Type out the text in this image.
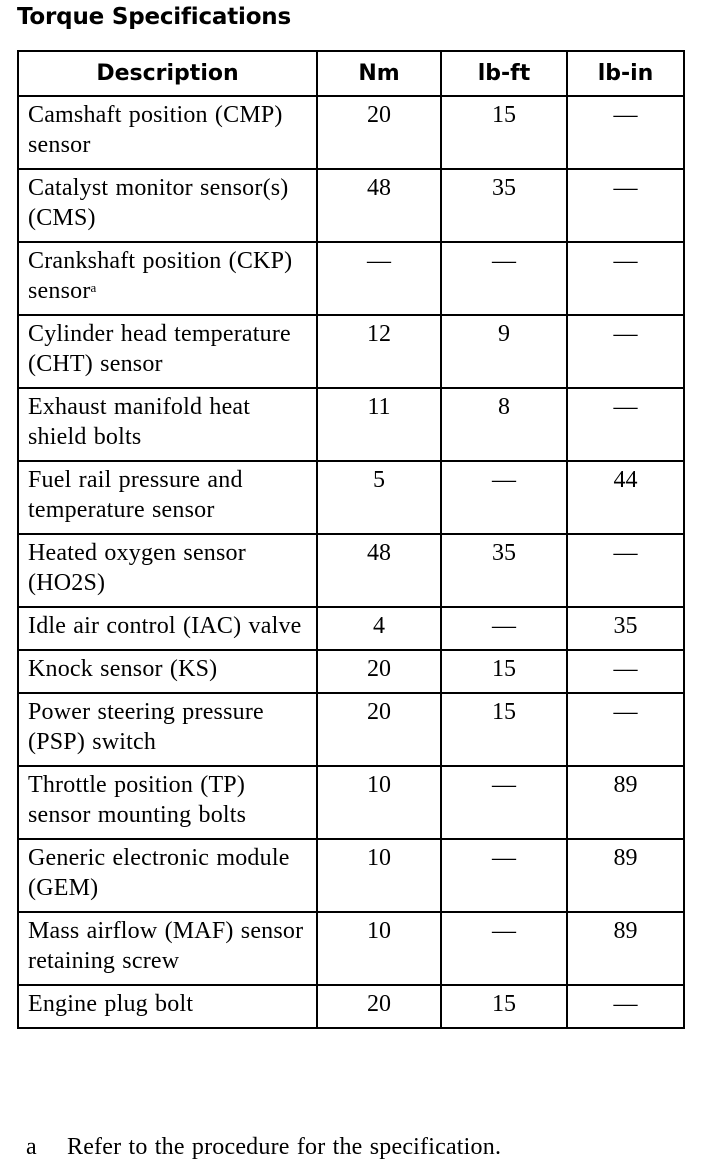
Torque Specifications
Description	Nm	lb-ft	lb-in
Camshaft position (CMP) sensor	20	15	—
Catalyst monitor sensor(s) (CMS)	48	35	—
Crankshaft position (CKP) sensor$^a$	—	—	—
Cylinder head temperature (CHT) sensor	12	9	—
Exhaust manifold heat shield bolts	11	8	—
Fuel rail pressure and temperature sensor	5	—	44
Heated oxygen sensor (HO2S)	48	35	—
Idle air control (IAC) valve	4	—	35
Knock sensor (KS)	20	15	—
Power steering pressure (PSP) switch	20	15	—
Throttle position (TP) sensor mounting bolts	10	—	89
Generic electronic module (GEM)	10	—	89
Mass airflow (MAF) sensor retaining screw	10	—	89
Engine plug bolt	20	15	—
a Refer to the procedure for the specification.
